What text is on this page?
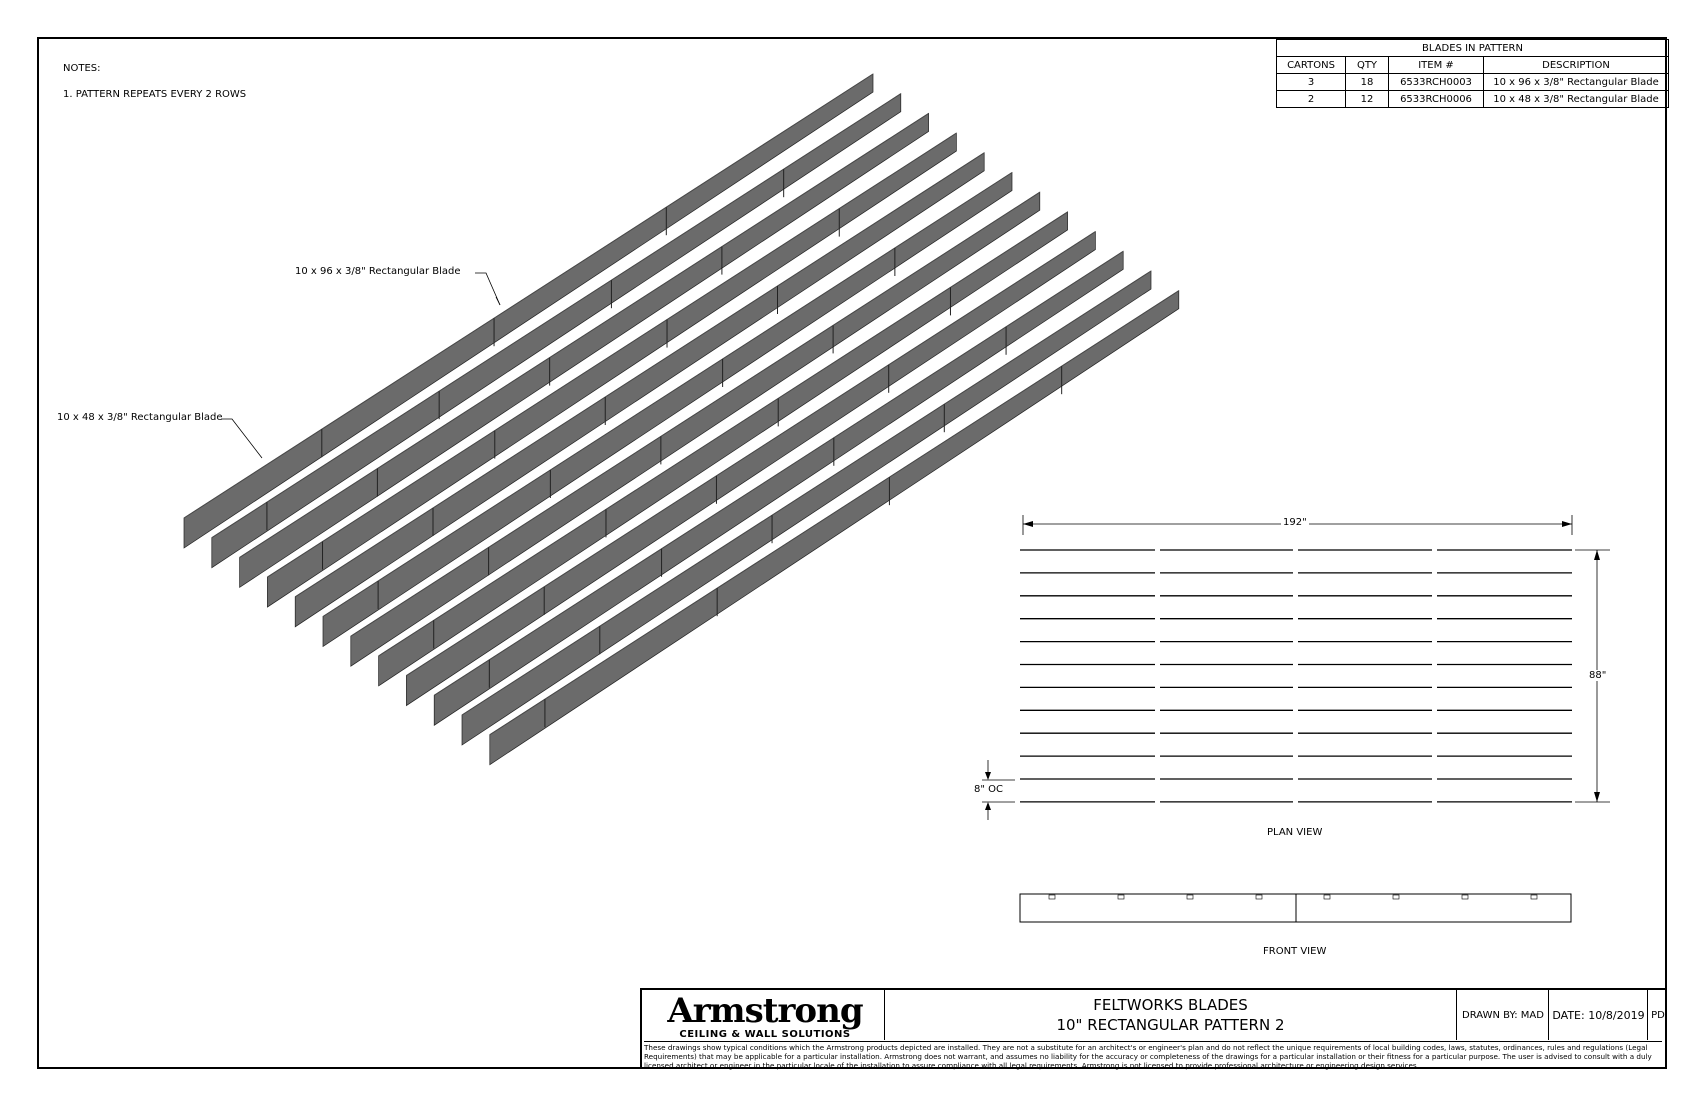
NOTES:
1. PATTERN REPEATS EVERY 2 ROWS
BLADES IN PATTERN			
CARTONS	QTY	ITEM #	DESCRIPTION
3	18	6533RCH0003	10 x 96 x 3/8" Rectangular Blade
2	12	6533RCH0006	10 x 48 x 3/8" Rectangular Blade
10 x 96 x 3/8" Rectangular Blade
10 x 48 x 3/8" Rectangular Blade
192"
88"
8" OC
PLAN VIEW
FRONT VIEW
Armstrong
CEILING & WALL SOLUTIONS
FELTWORKS BLADES
10" RECTANGULAR PATTERN 2
DRAWN BY: MAD DATE: 10/8/2019 PD
These drawings show typical conditions which the Armstrong products depicted are installed. They are not a substitute for an architect's or engineer's plan and do not reflect the unique requirements of local building codes, laws, statutes, ordinances, rules and regulations (Legal Requirements) that may be applicable for a particular installation. Armstrong does not warrant, and assumes no liability for the accuracy or completeness of the drawings for a particular installation or their fitness for a particular purpose. The user is advised to consult with a duly licensed architect or engineer in the particular locale of the installation to assure compliance with all legal requirements. Armstrong is not licensed to provide professional architecture or engineering design services.
